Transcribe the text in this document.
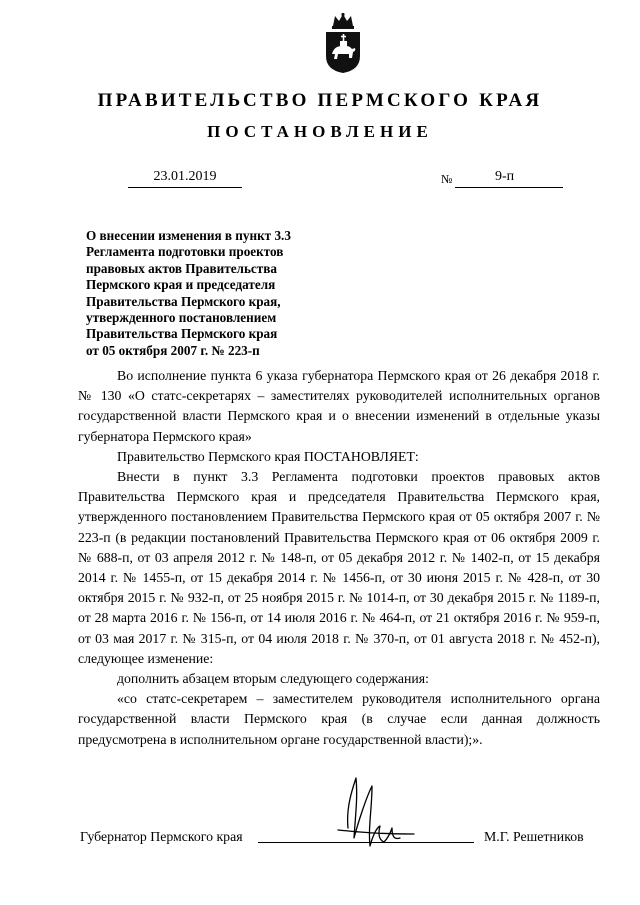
ПРАВИТЕЛЬСТВО ПЕРМСКОГО КРАЯ
ПОСТАНОВЛЕНИЕ
23.01.2019	№	9-п
О внесении изменения в пункт 3.3
Регламента подготовки проектов
правовых актов Правительства
Пермского края и председателя
Правительства Пермского края,
утвержденного постановлением
Правительства Пермского края
от 05 октября 2007 г. № 223-п

Во исполнение пункта 6 указа губернатора Пермского края от 26 декабря 2018 г. № 130 «О статс-секретарях – заместителях руководителей исполнительных органов государственной власти Пермского края и о внесении изменений в отдельные указы губернатора Пермского края»

Правительство Пермского края ПОСТАНОВЛЯЕТ:

Внести в пункт 3.3 Регламента подготовки проектов правовых актов Правительства Пермского края и председателя Правительства Пермского края, утвержденного постановлением Правительства Пермского края от 05 октября 2007 г. № 223-п (в редакции постановлений Правительства Пермского края от 06 октября 2009 г. № 688-п, от 03 апреля 2012 г. № 148-п, от 05 декабря 2012 г. № 1402-п, от 15 декабря 2014 г. № 1455-п, от 15 декабря 2014 г. № 1456-п, от 30 июня 2015 г. № 428-п, от 30 октября 2015 г. № 932-п, от 25 ноября 2015 г. № 1014-п, от 30 декабря 2015 г. № 1189-п, от 28 марта 2016 г. № 156-п, от 14 июля 2016 г. № 464-п, от 21 октября 2016 г. № 959-п, от 03 мая 2017 г. № 315-п, от 04 июля 2018 г. № 370-п, от 01 августа 2018 г. № 452-п), следующее изменение:

дополнить абзацем вторым следующего содержания:

«со статс-секретарем – заместителем руководителя исполнительного органа государственной власти Пермского края (в случае если данная должность предусмотрена в исполнительном органе государственной власти);».

Губернатор Пермского края	М.Г. Решетников
